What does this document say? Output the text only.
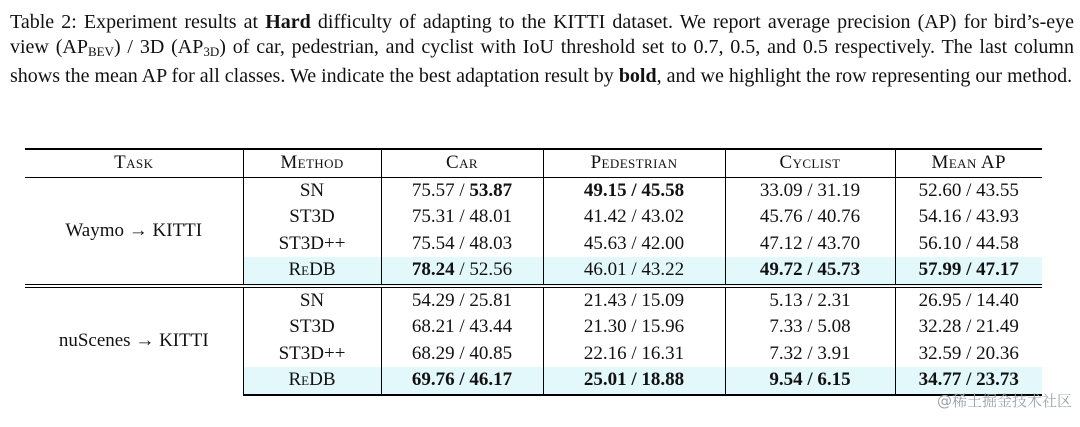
Table 2: Experiment results at Hard difficulty of adapting to the KITTI dataset. We report average precision (AP) for bird’s-eye view $(AP_{BEV}) / 3D$ $(AP_{3D})$ of car, pedestrian, and cyclist with IoU threshold set to 0.7, 0.5, and 0.5 respectively. The last column shows the mean AP for all classes. We indicate the best adaptation result by bold, and we highlight the row representing our method.
Task	Method	Car	Pedestrian	Cyclist	Mean AP
Waymo → KITTI	SN	75.57 / 53.87	49.15 / 45.58	33.09 / 31.19	52.60 / 43.55
	ST3D	75.31 / 48.01	41.42 / 43.02	45.76 / 40.76	54.16 / 43.93
	ST3D++	75.54 / 48.03	45.63 / 42.00	47.12 / 43.70	56.10 / 44.58
	ReDB	78.24 / 52.56	46.01 / 43.22	49.72 / 45.73	57.99 / 47.17
nuScenes → KITTI	SN	54.29 / 25.81	21.43 / 15.09	5.13 / 2.31	26.95 / 14.40
	ST3D	68.21 / 43.44	21.30 / 15.96	7.33 / 5.08	32.28 / 21.49
	ST3D++	68.29 / 40.85	22.16 / 16.31	7.32 / 3.91	32.59 / 20.36
	ReDB	69.76 / 46.17	25.01 / 18.88	9.54 / 6.15	34.77 / 23.73
@稀土掘金技术社区
